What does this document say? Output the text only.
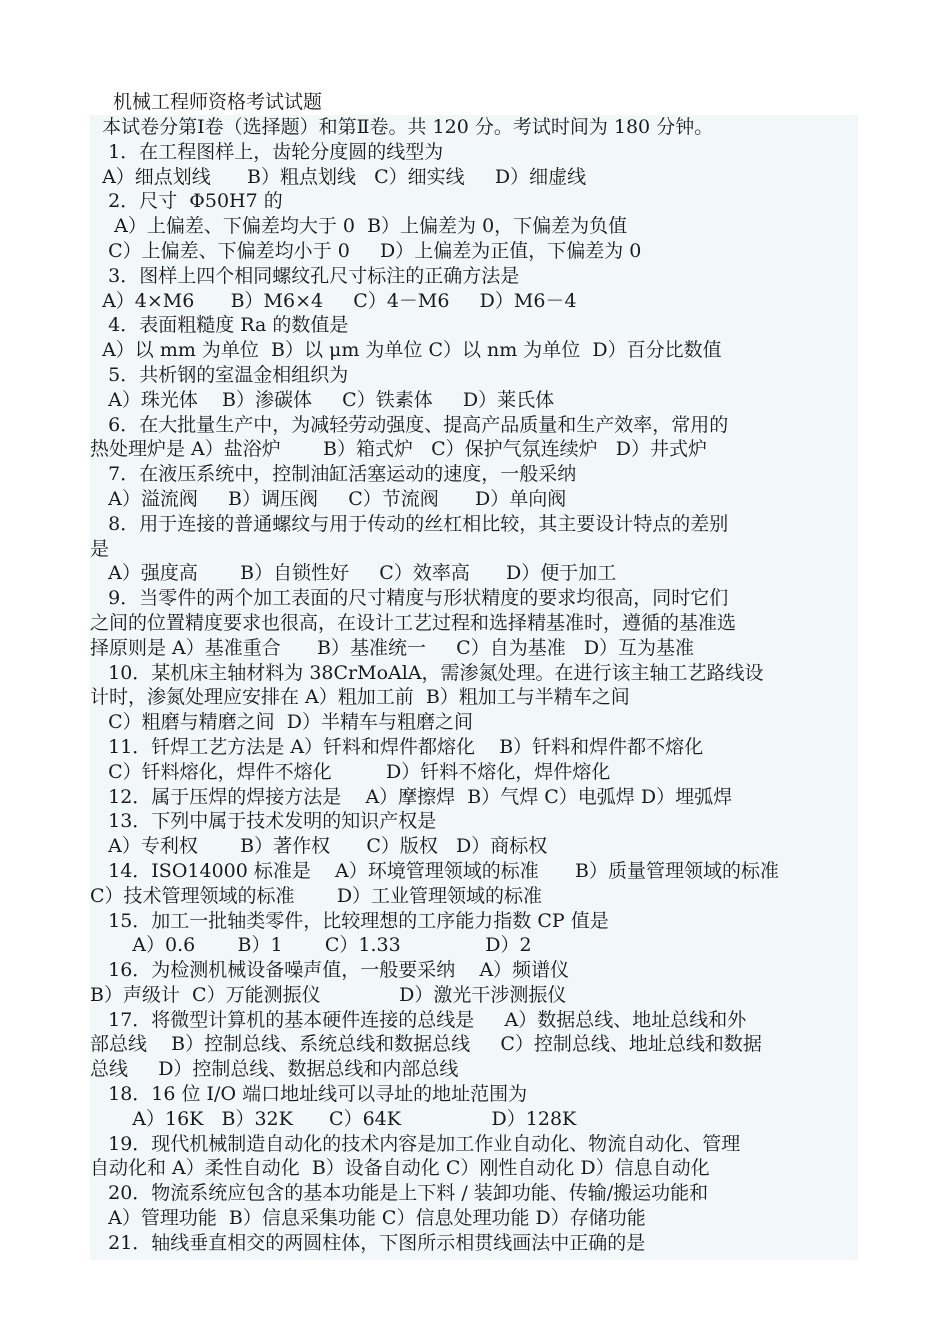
机械工程师资格考试试题
本试卷分第Ⅰ卷（选择题）和第Ⅱ卷。共 120 分。考试时间为 180 分钟。
1．在工程图样上，齿轮分度圆的线型为
A）细点划线      B）粗点划线   C）细实线     D）细虚线
2．尺寸  Φ50H7 的
A）上偏差、下偏差均大于 0  B）上偏差为 0，下偏差为负值
C）上偏差、下偏差均小于 0     D）上偏差为正值，下偏差为 0
3．图样上四个相同螺纹孔尺寸标注的正确方法是
A）4×M6      B）M6×4     C）4－M6     D）M6－4
4．表面粗糙度 Ra 的数值是
A）以 mm 为单位  B）以 μm 为单位 C）以 nm 为单位  D）百分比数值
5．共析钢的室温金相组织为
A）珠光体    B）渗碳体     C）铁素体     D）莱氏体
6．在大批量生产中，为减轻劳动强度、提高产品质量和生产效率，常用的
热处理炉是 A）盐浴炉       B）箱式炉   C）保护气氛连续炉   D）井式炉
7．在液压系统中，控制油缸活塞运动的速度，一般采纳
A）溢流阀     B）调压阀     C）节流阀      D）单向阀
8．用于连接的普通螺纹与用于传动的丝杠相比较，其主要设计特点的差别
是
A）强度高       B）自锁性好     C）效率高      D）便于加工
9．当零件的两个加工表面的尺寸精度与形状精度的要求均很高，同时它们
之间的位置精度要求也很高，在设计工艺过程和选择精基准时，遵循的基准选
择原则是 A）基准重合      B）基准统一     C）自为基准   D）互为基准
10．某机床主轴材料为 38CrMoAlA，需渗氮处理。在进行该主轴工艺路线设
计时，渗氮处理应安排在 A）粗加工前  B）粗加工与半精车之间
C）粗磨与精磨之间  D）半精车与粗磨之间
11．钎焊工艺方法是 A）钎料和焊件都熔化    B）钎料和焊件都不熔化
C）钎料熔化，焊件不熔化         D）钎料不熔化，焊件熔化
12．属于压焊的焊接方法是    A）摩擦焊  B）气焊 C）电弧焊 D）埋弧焊
13．下列中属于技术发明的知识产权是
A）专利权       B）著作权      C）版权   D）商标权
14．ISO14000 标准是    A）环境管理领域的标准      B）质量管理领域的标准
C）技术管理领域的标准       D）工业管理领域的标准
15．加工一批轴类零件，比较理想的工序能力指数 CP 值是
A）0.6       B）1       C）1.33              D）2
16．为检测机械设备噪声值，一般要采纳    A）频谱仪
B）声级计  C）万能测振仪             D）激光干涉测振仪
17．将微型计算机的基本硬件连接的总线是     A）数据总线、地址总线和外
部总线    B）控制总线、系统总线和数据总线     C）控制总线、地址总线和数据
总线     D）控制总线、数据总线和内部总线
18．16 位 I/O 端口地址线可以寻址的地址范围为
A）16K   B）32K      C）64K               D）128K
19．现代机械制造自动化的技术内容是加工作业自动化、物流自动化、管理
自动化和 A）柔性自动化  B）设备自动化 C）刚性自动化 D）信息自动化
20．物流系统应包含的基本功能是上下料 / 装卸功能、传输/搬运功能和
A）管理功能  B）信息采集功能 C）信息处理功能 D）存储功能
21．轴线垂直相交的两圆柱体，下图所示相贯线画法中正确的是
